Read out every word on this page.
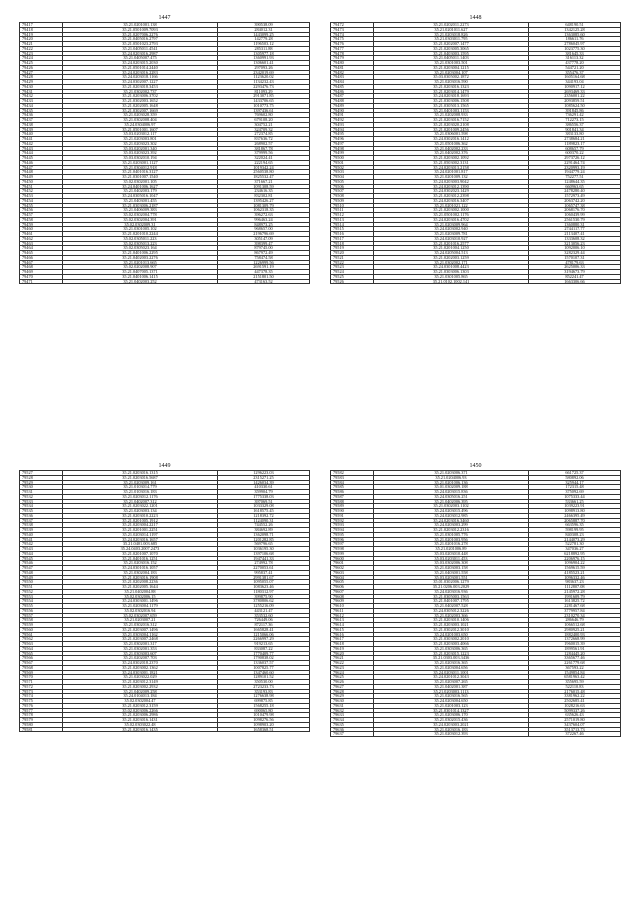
1447
79417	35.21.0201001.138	390538.09
79418	35.21.0501009.7093	284012.31
79419	35.21.0207006.2276	1443099.25
79420	35.21.0405016.2797	142779.28
79421	35.21.0501023.2793	1196503.12
79422	35.21.0405011.4541	285311.88
79423	35.24.0203016.2987	1305977.18
79424	35.21.0405007.475	1360991.93
79425	35.24.0203015.2030	1306601.41
79426	35.21.0501014.2440	297093.26
79427	35.24.0203016.2283	2342019.69
79428	35.24.0203018.1166	1123620.02
79429	35.24.0302007.1227	1134232.43
79430	35.21.0203018.3453	2293476.73
79431	35.21.0302002.737	811093.29
79432	35.21.0203006.3702	2913071.85
79433	35.21.0302003.1652	1433706.65
79434	35.21.0202005.1648	1010773.75
79435	35.21.0302007.1669	1397436.61
79436	35.21.0203028.359	769602.80
79437	35.21.0302008.404	679108.20
79438	35.24.0304006.97	304752.21
79439	35.21.0501001.1607	324709.32
79440	35.03.0203012.117	272374.85
79441	35.21.0203003.801	837636.72
79442	35.21.0203023.302	268902.57
79443	35.03.0202001.340	381867.78
79444	35.03.0203023.392	379999.56
79445	35.03.0302010.194	322024.41
79446	35.21.0203001.1127	222194.65
79447	35.21.0304012.918	1019342.24
79448	35.21.0401016.3127	2560538.80
79449	35.21.0301007.1540	1825532.47
79450	35.02.0302001.105	371667.21
79451	35.24.0401006.1627	1091308.59
79452	35.21.0402003.179	234616.35
79453	35.24.0305016.1047	832302.81
79454	35.21.0403001.455	1395426.27
79455	35.21.0303006.2187	1081309.79
79456	35.21.0406009.383	1062318.35
79457	35.02.0302004.778	396272.63
79458	35.02.0302004.391	996463.24
79459	35.02.0302009.31	848973.25
79460	35.21.0301005.102	968657.00
79461	35.21.0201010.2244	2196796.69
79462	35.02.0305011.223	305147.09
79463	35.02.0305013.223	398399.47
79464	35.02.0305023.164	879745.00
79465	35.21.0401006.2295	867972.49
79466	35.21.0402003.2276	758474.58
79467	35.21.0201013.665	1226999.56
79468	35.02.0202008.907	2691591.19
79469	35.21.0407005.1371	447378.35
79470	35.21.0401006.1415	2151801.50
79471	35.21.0402003.252	473163.52
1448
79472	35.21.0202011.2273	648190.51
79473	35.21.0201011.627	1342125.28
79474	35.21.0203018.826	1363085.60
79475	35.21.0303011.795	186611.76
79476	35.21.0202007.1477	2786045.97
79477	35.21.0203005.3065	1023775.30
79478	35.21.0403003.1595	381645.33
79479	35.21.0405011.1403	316113.32
79480	35.21.0301003.501	437778.20
79481	35.21.0203004.1215	544721.20
79482	35.21.0203004.107	355476.37
79483	35.03.0305002.1872	1605164.68
79484	35.21.0203016.590	344193.04
79485	35.21.0203016.1323	1090917.12
79486	35.21.0203014.1479	2693469.33
79487	35.24.0203018.1693	2356001.22
79488	35.21.0303006.1508	2093859.51
79489	35.21.0305013.1565	1085624.50
79490	35.21.0401003.1153	391845.86
79491	35.21.0202008.933	736291.42
79492	35.21.0203016.7152	712273.15
79493	35.21.0203020.2108	386556.37
79494	35.21.0201009.2456	901841.34
79495	35.21.0306001.598	383133.80
79496	35.24.0302016.1412	2738684.21
79497	35.21.0501006.362	1189823.17
79498	35.21.0402002.233	608657.79
79499	35.21.0402002.376	600370.22
79500	35.21.0203002.1092	2973726.12
79501	35.21.0503002.3131	2291464.74
79502	35.24.0203013.2158	2320993.19
79503	35.24.0201001.817	1944779.24
79504	35.21.0201009.132	752277.51
79505	35.24.0203003.9042	1248644.35
79506	35.24.0203012.1390	660963.65
79507	35.24.0302023.1429	2478280.40
79508	35.21.0203012.2398	1572973.49
79509	35.24.0203016.3407	2063742.20
79510	35.21.0201021.122	1065747.38
79511	35.21.0203002.1000	2068176.70
79512	35.21.0501002.1176	1060439.99
79513	35.24.0203016.4702	2561530.79
79514	35.21.0203009.964	1360880.31
79515	35.24.0203002.940	2744117.77
79516	35.21.0203009.781	2113407.41
79517	35.24.0203010.927	1333608.32
79518	35.21.0201016.2577	3213056.23
79519	35.21.0201004.1250	1092006.10
79520	35.24.0205004.513	3282329.44
79521	35.21.0202003.1259	1570107.31
79522	35.21.0302002.171	478179.63
79523	35.24.0301008.4423	2625006.33
79524	35.21.0303006.1303	3194673.79
79525	35.21.0301005.865	852241.47
79526	35.21.0102.1002.141	1663306.66
1449
79527	35.21.0203016.1315	1296223.03
79528	35.21.0203016.5687	2315271.25
79529	35.21.0203009.161	1426034.39
79530	35.21.0103014.779	410330.61
79531	35.21.0103016.183	359904.79
79532	35.21.0203012.1176	1775338.03
79533	35.21.0402007.312	397069.51
79534	35.21.0203022.1201	1033329.08
79535	35.21.0203003.134	1618575.45
79536	35.21.0203010.2223	1218392.72
79537	35.21.0201005.1912	1124090.31
79538	35.21.0203004.2217	744552.26
79539	35.21.0201001.2251	384692.89
79540	35.21.0203014.1197	1362098.71
79541	35.24.0203016.1657	1201282.85
79542	35.21.0401.003.685	569796.65
79543	35.24.0403.2007.2473	1036195.30
79544	35.21.0201007.1070	1397106.68
79545	35.21.0401016.1251	1947441.33
79546	35.21.0203016.152	274992.78
79547	35.24.0301016.1057	2270053.61
79548	35.21.0302004.183	995837.41
79549	35.21.0203016.1908	2991381.67
79550	35.21.0202008.2236	1095055.07
79551	35.21.0202005.1644	1083623.46
79552	35.21.0402004.88	1180312.97
79553	35.02.0302006.15	399875.90
79554	35.24.0303001.1496	3780806.62
79555	35.21.0203004.1179	1255216.09
79556	35.02.0302016.94	443121.47
79557	35.02.0302007.659	353532.60
79558	35.21.0203007.21	726449.06
79559	35.21.0302016.312	872117.36
79560	35.21.0203007.1496	1665828.41
79561	35.21.0303004.1162	1215066.06
79562	35.21.0203007.2468	2266997.29
79563	35.21.0302001.317	919213.65
79564	35.21.0302001.353	833087.22
79565	35.21.0303003.607	1770409.77
79566	35.21.0202007.703	1790838.02
79567	35.24.0302018.2370	1336037.57
79568	35.21.0203002.1362	1007825.77
79569	35.24.0303001.1821	1347460.60
79570	35.21.0203022.029	1289101.52
79571	35.21.0203012.3149	350530.00
79572	35.21.0203002.2932	2723233.73
79573	35.21.0402009.258	353193.83
79574	35.24.0104013.184	1276638.98
79575	35.02.0302004.47	699875.85
79576	35.21.0203012.3159	1568255.18
79577	35.02.0203006.2266	690065.80
79578	35.21.0203006.2986	1010479.98
79579	35.21.0203016.1431	1098276.56
79580	35.02.0303022.48	1098903.20
79581	35.21.0203016.1435	1658368.51
1450
79582	35.21.0203006.371	661725.37
79583	35.21.0204006.93	580892.06
79584	35.21.0201006.136	325944.17
79585	35.01.0302009.188	172315.48
79586	35.24.0203015.836	375092.69
79587	35.24.0305016.251	1075333.44
79588	35.21.0402006.395	533661.25
79589	35.21.0302003.1102	1039223.91
79590	35.24.0203015.496	1098913.80
79591	35.24.0203012.985	2466395.49
79592	35.24.0203016.3460	2065887.70
79593	35.24.0203003.299	663596.35
79594	35.21.0203012.2316	598199.95
79595	35.21.0301005.776	840308.23
79596	35.21.0201003.956	2144073.29
79597	35.21.0201016.278	522781.30
79598	35.21.0201006.89	347036.27
79599	35.03.0203010.448	6218892.95
79600	35.03.0203011.453	2206976.15
79601	35.03.0302006.308	1096904.22
79602	35.21.0203003.158	1569615.59
79603	35.21.0403001.558	4185523.21
79604	35.03.0203001.551	1096332.46
79605	35.01.0302006.1279	983637.23
79606	35.21.0206.003.2029	1112807.08
79607	35.24.0203016.936	2145972.28
79608	35.21.0305003.1563	1991609.79
79609	35.21.0401007.1795	1613825.72
79610	35.21.0402007.528	2281467.68
79611	35.24.0305012.3226	3779957.84
79612	35.21.0202003.366	2310270.34
79613	35.21.0203010.1406	286646.79
79614	35.21.0203003.1021	1066512.68
79615	35.21.0302012.3010	2980925.21
79616	35.24.0201003.650	1882400.93
79617	35.21.0303002.2010	1372668.99
79618	35.21.0203003.4066	1960015.39
79619	35.21.0303006.365	1899561.91
79620	35.21.0203015.1223	1284445.20
79621	35.21.0303.003.3436	3365677.46
79622	35.21.0203016.365	2261779.68
79623	35.21.0203004.656	367593.22
79624	35.24.0203011.1001	1549854.84
79625	35.24.0201012.3043	6581963.42
79626	35.21.0203007.265	355695.59
79627	35.21.0402001.387	522110.83
79628	35.21.0203003.1113	2176015.48
79629	35.21.0203016.565	3381962.22
79630	35.24.0203004.650	2502685.41
79631	35.21.0201003.123	1028216.63
79632	35.21.0301014.1327	5099337.26
79633	35.21.0203006.170	635626.43
79634	35.21.0302015.436	2571019.80
79635	35.24.0203003.2021	3437604.07
79636	35.21.0203016.183	3513713.73
79637	35.21.0203012.393	372267.46
